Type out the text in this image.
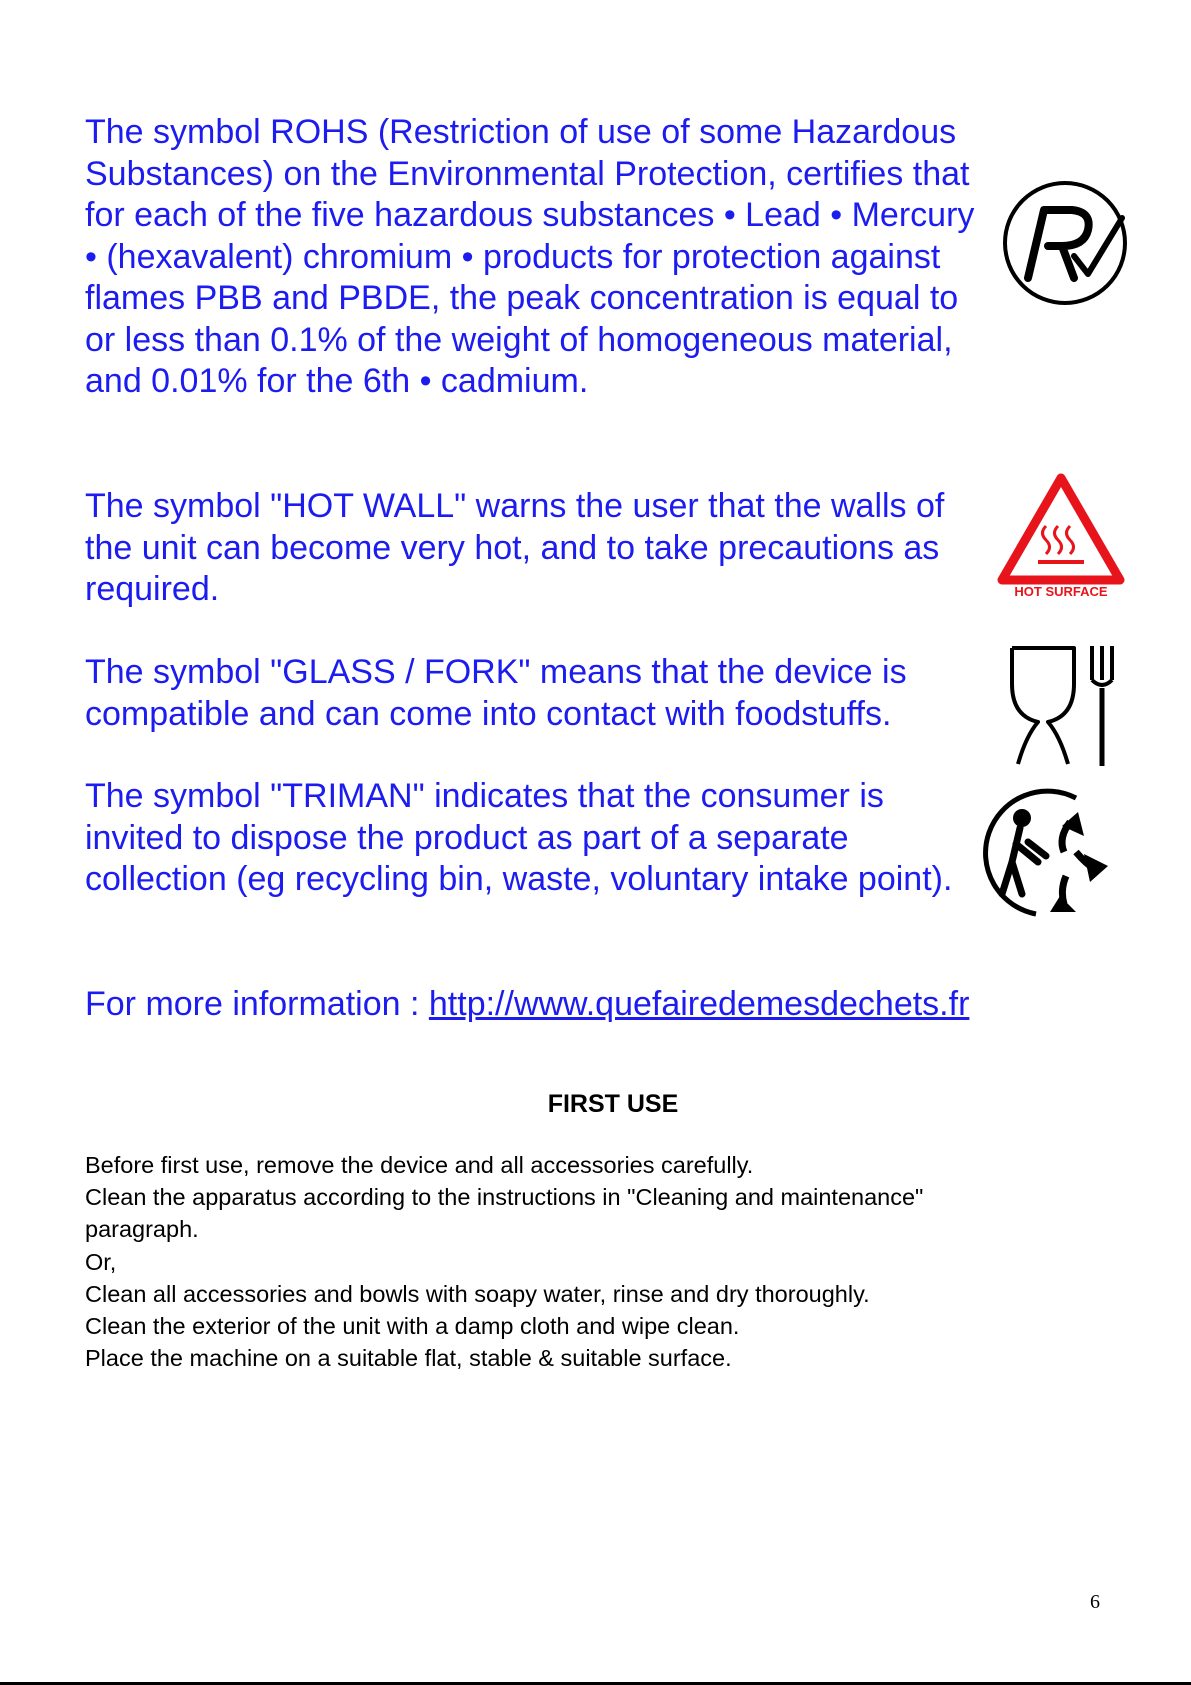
The symbol ROHS (Restriction of use of some Hazardous Substances) on the Environmental Protection, certifies that for each of the five hazardous substances • Lead • Mercury • (hexavalent) chromium • products for protection against flames PBB and PBDE, the peak concentration is equal to or less than 0.1% of the weight of homogeneous material, and 0.01% for the 6th • cadmium.

The symbol "HOT WALL" warns the user that the walls of the unit can become very hot, and to take precautions as required.	HOT SURFACE

The symbol "GLASS / FORK" means that the device is compatible and can come into contact with foodstuffs.

The symbol "TRIMAN" indicates that the consumer is invited to dispose the product as part of a separate collection (eg recycling bin, waste, voluntary intake point).

For more information : http://www.quefairedemesdechets.fr
FIRST USE
Before first use, remove the device and all accessories carefully.
Clean the apparatus according to the instructions in "Cleaning and maintenance"
paragraph.
Or,
Clean all accessories and bowls with soapy water, rinse and dry thoroughly.
Clean the exterior of the unit with a damp cloth and wipe clean.
Place the machine on a suitable flat, stable & suitable surface.
6
